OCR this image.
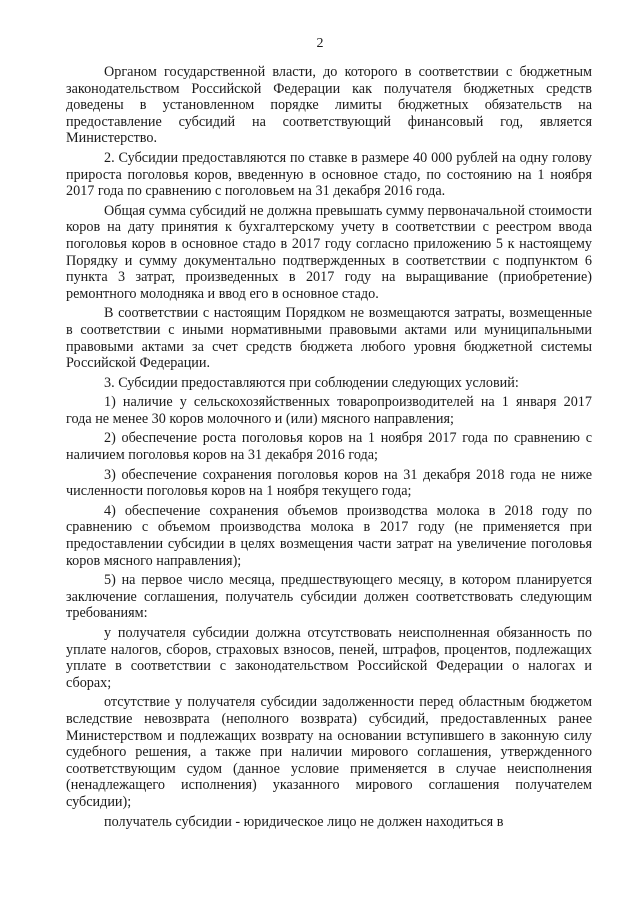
2

Органом государственной власти, до которого в соответствии с бюджетным законодательством Российской Федерации как получателя бюджетных средств доведены в установленном порядке лимиты бюджетных обязательств на предоставление субсидий на соответствующий финансовый год, является Министерство.

2. Субсидии предоставляются по ставке в размере 40 000 рублей на одну голову прироста поголовья коров, введенную в основное стадо, по состоянию на 1 ноября 2017 года по сравнению с поголовьем на 31 декабря 2016 года.

Общая сумма субсидий не должна превышать сумму первоначальной стоимости коров на дату принятия к бухгалтерскому учету в соответствии с реестром ввода поголовья коров в основное стадо в 2017 году согласно приложению 5 к настоящему Порядку и сумму документально подтвержденных в соответствии с подпунктом 6 пункта 3 затрат, произведенных в 2017 году на выращивание (приобретение) ремонтного молодняка и ввод его в основное стадо.

В соответствии с настоящим Порядком не возмещаются затраты, возмещенные в соответствии с иными нормативными правовыми актами или муниципальными правовыми актами за счет средств бюджета любого уровня бюджетной системы Российской Федерации.

3. Субсидии предоставляются при соблюдении следующих условий:

1) наличие у сельскохозяйственных товаропроизводителей на 1 января 2017 года не менее 30 коров молочного и (или) мясного направления;

2) обеспечение роста поголовья коров на 1 ноября 2017 года по сравнению с наличием поголовья коров на 31 декабря 2016 года;

3) обеспечение сохранения поголовья коров на 31 декабря 2018 года не ниже численности поголовья коров на 1 ноября текущего года;

4) обеспечение сохранения объемов производства молока в 2018 году по сравнению с объемом производства молока в 2017 году (не применяется при предоставлении субсидии в целях возмещения части затрат на увеличение поголовья коров мясного направления);

5) на первое число месяца, предшествующего месяцу, в котором планируется заключение соглашения, получатель субсидии должен соответствовать следующим требованиям:

у получателя субсидии должна отсутствовать неисполненная обязанность по уплате налогов, сборов, страховых взносов, пеней, штрафов, процентов, подлежащих уплате в соответствии с законодательством Российской Федерации о налогах и сборах;

отсутствие у получателя субсидии задолженности перед областным бюджетом вследствие невозврата (неполного возврата) субсидий, предоставленных ранее Министерством и подлежащих возврату на основании вступившего в законную силу судебного решения, а также при наличии мирового соглашения, утвержденного соответствующим судом (данное условие применяется в случае неисполнения (ненадлежащего исполнения) указанного мирового соглашения получателем субсидии);

получатель субсидии - юридическое лицо не должен находиться в
